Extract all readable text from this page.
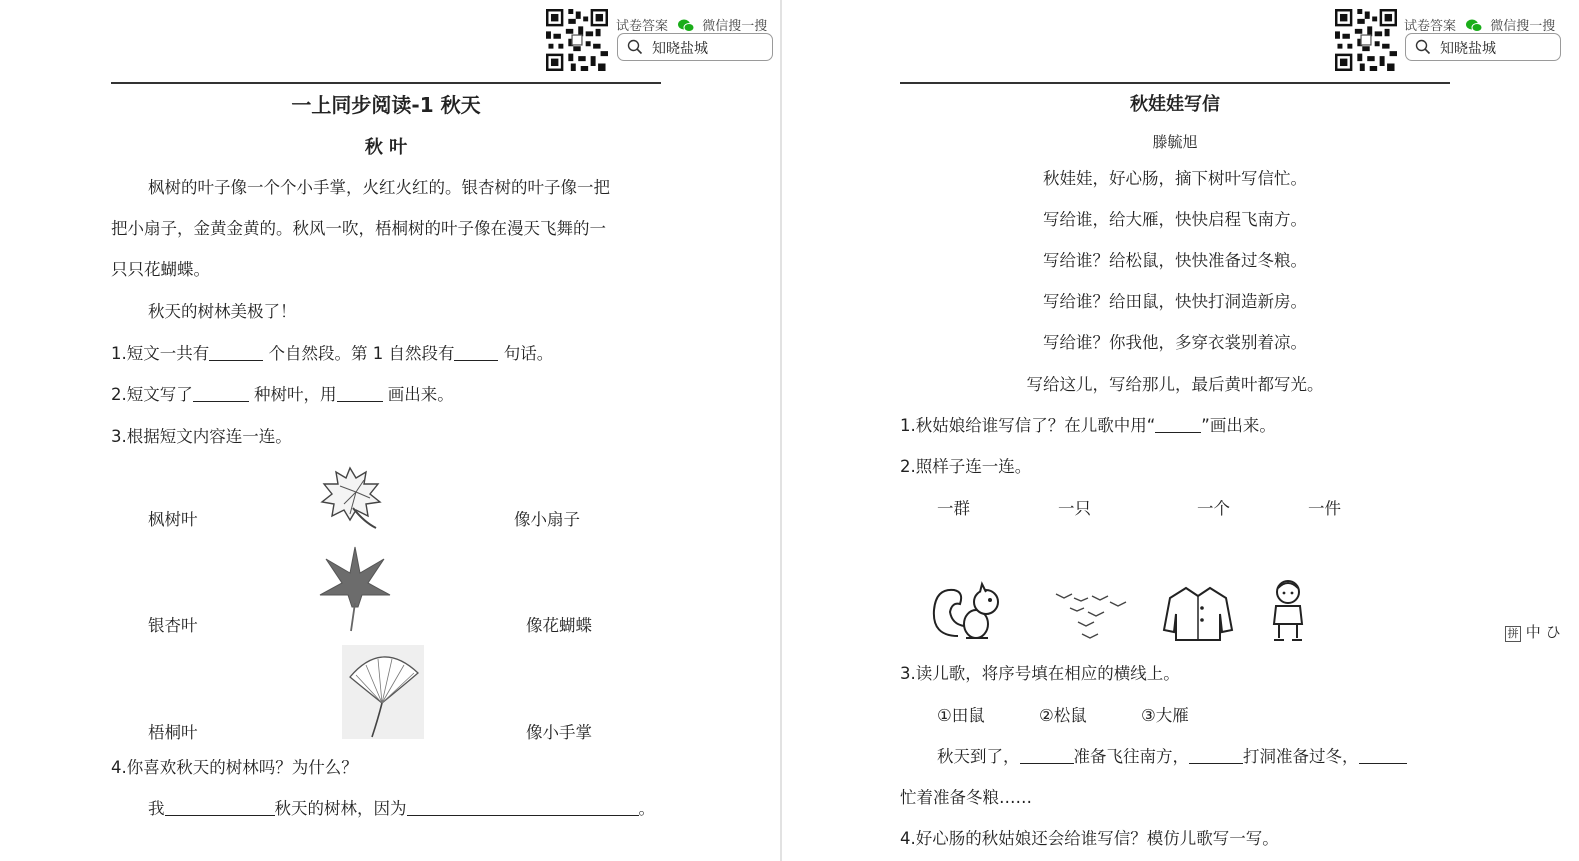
试卷答案	微信搜一搜
知晓盐城
一上同步阅读-1 秋天
秋 叶
枫树的叶子像一个个小手掌，火红火红的。银杏树的叶子像一把
把小扇子，金黄金黄的。秋风一吹，梧桐树的叶子像在漫天飞舞的一
只只花蝴蝶。
秋天的树林美极了！
1.短文一共有	个自然段。第 1 自然段有	句话。
2.短文写了	种树叶，用	画出来。
3.根据短文内容连一连。
枫树叶
银杏叶
梧桐叶
像小扇子
像花蝴蝶
像小手掌
4.你喜欢秋天的树林吗？为什么？
我	秋天的树林，因为	。
试卷答案	微信搜一搜
知晓盐城
秋娃娃写信
滕毓旭
秋娃娃，好心肠，摘下树叶写信忙。
写给谁，给大雁，快快启程飞南方。
写给谁？给松鼠，快快准备过冬粮。
写给谁？给田鼠，快快打洞造新房。
写给谁？你我他，多穿衣裳别着凉。
写给这儿，写给那儿，最后黄叶都写光。
1.秋姑娘给谁写信了？在儿歌中用“	”画出来。
2.照样子连一连。
一群	一只	一个	一件
3.读儿歌，将序号填在相应的横线上。
①田鼠	②松鼠	③大雁
秋天到了，	准备飞往南方，	打洞准备过冬，
忙着准备冬粮……
4.好心肠的秋姑娘还会给谁写信？模仿儿歌写一写。
拼 中 ひ
